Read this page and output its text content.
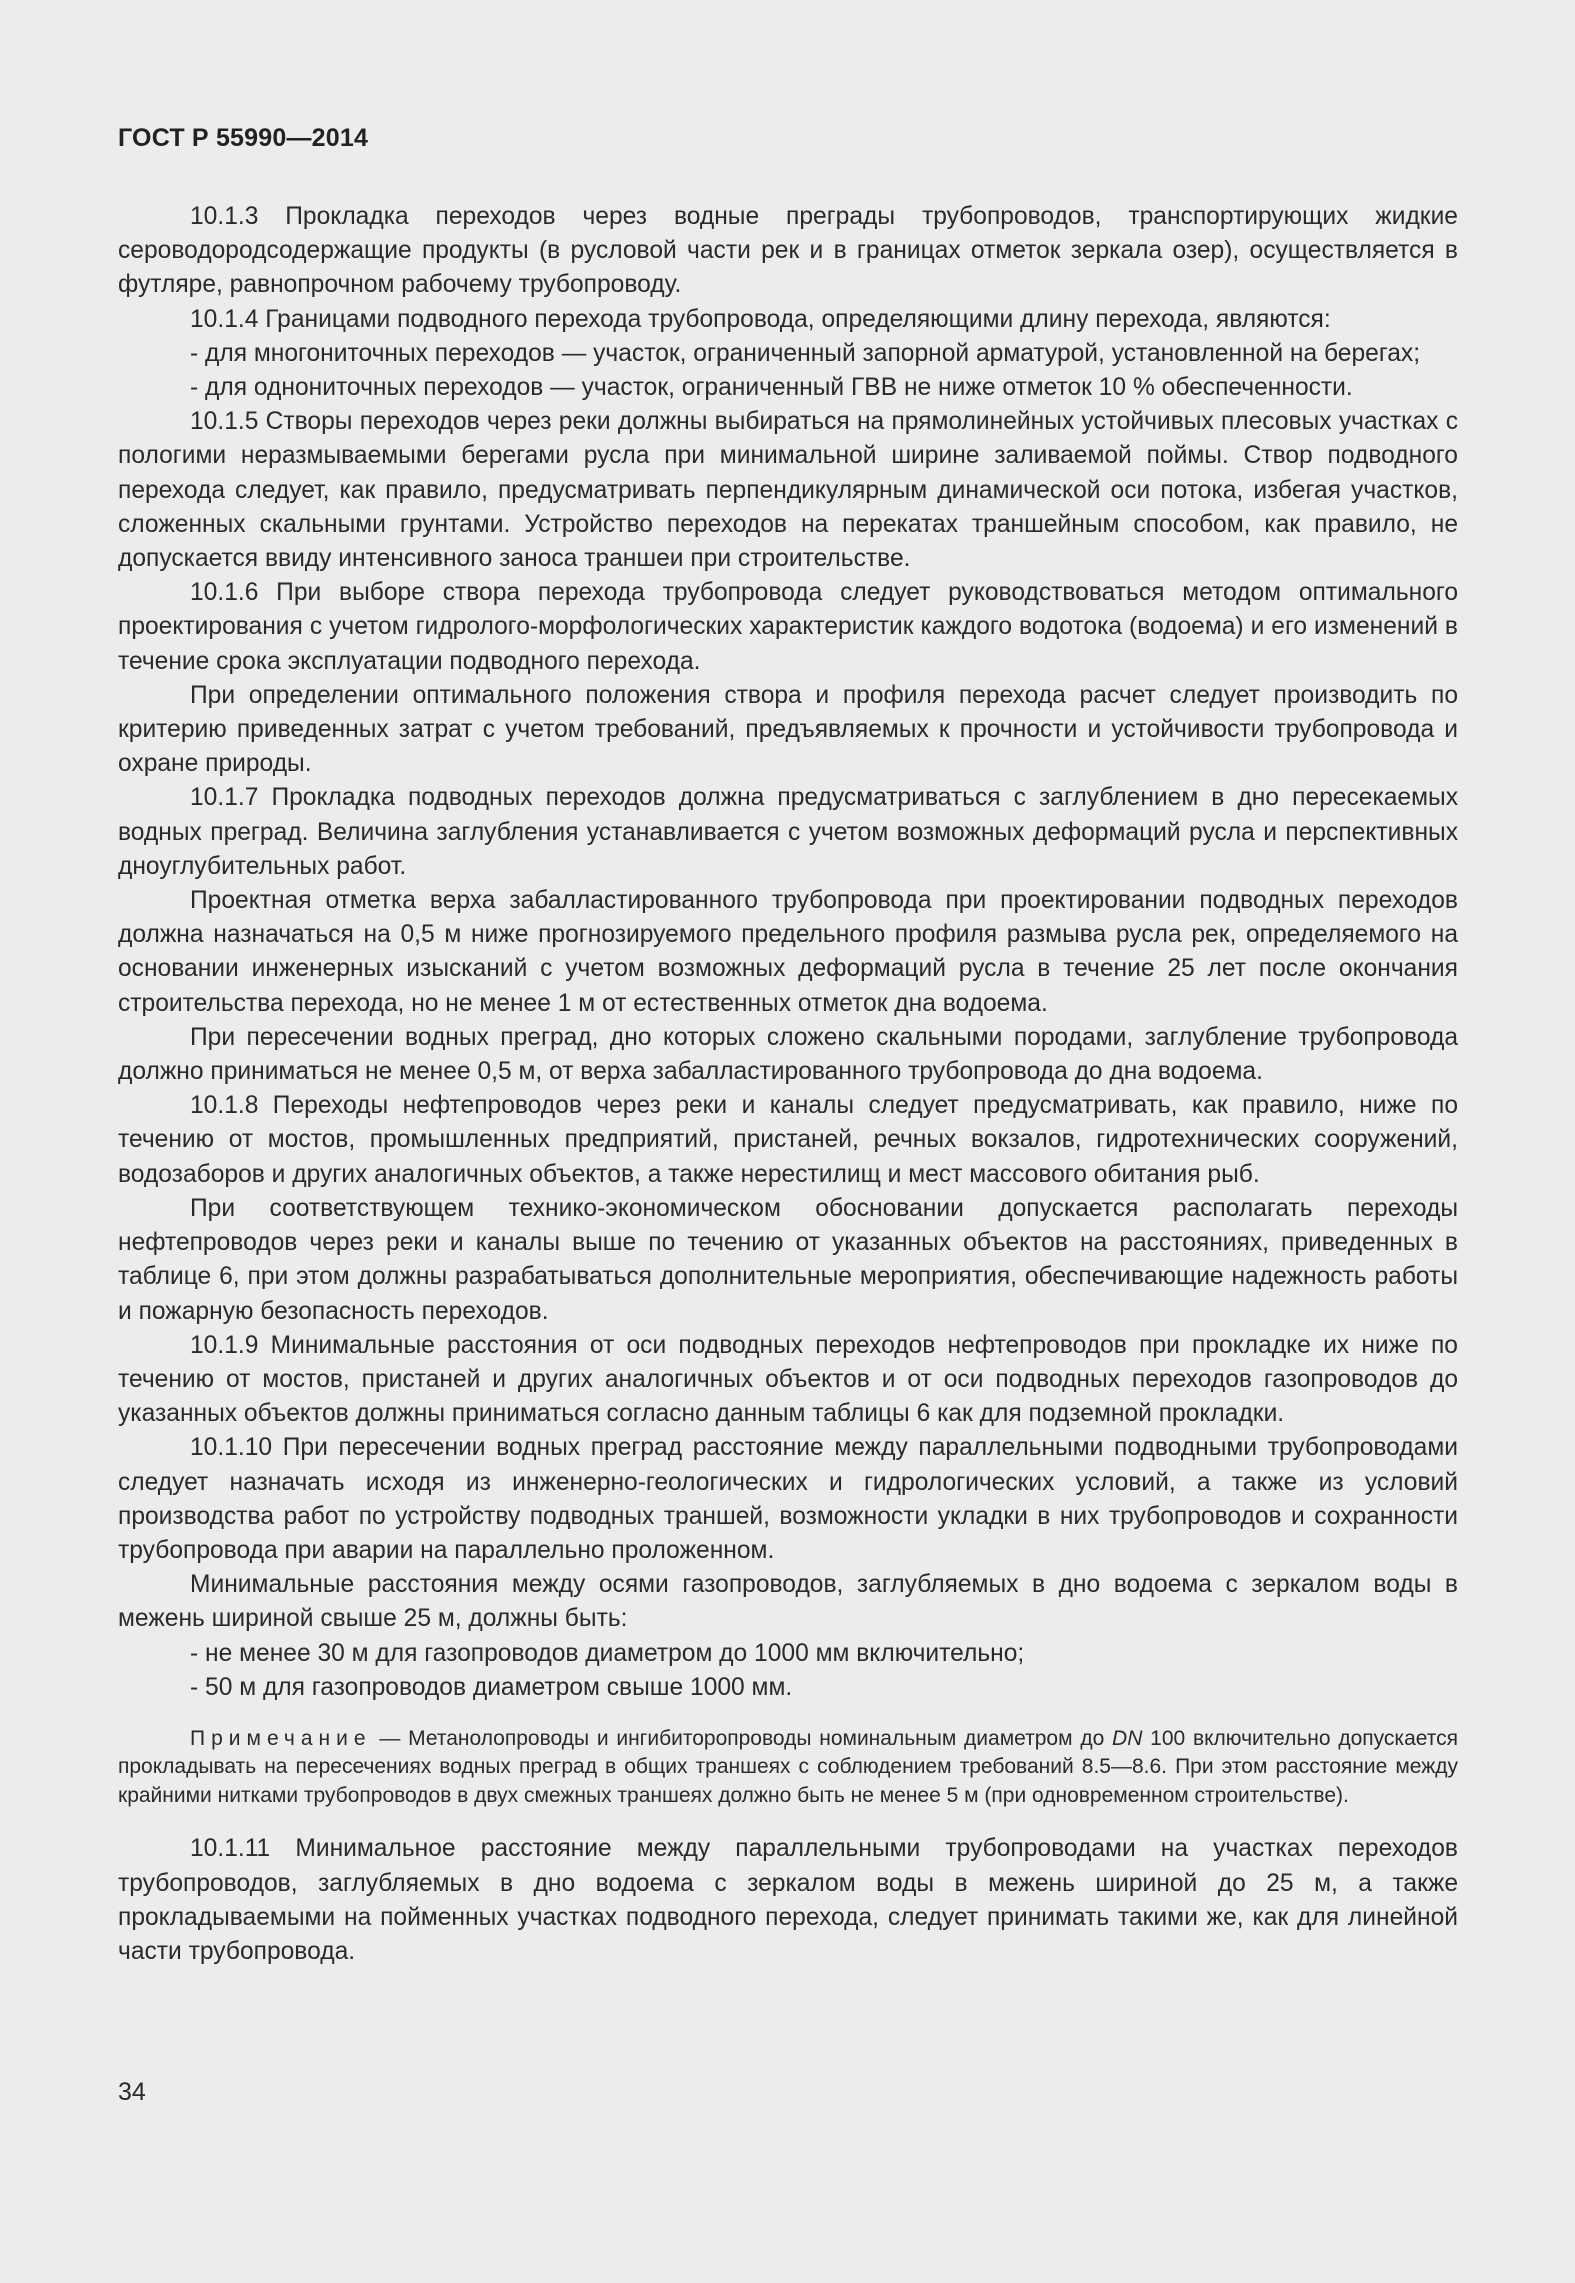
ГОСТ Р 55990—2014

10.1.3 Прокладка переходов через водные преграды трубопроводов, транспортирующих жидкие сероводородсодержащие продукты (в русловой части рек и в границах отметок зеркала озер), осуществляется в футляре, равнопрочном рабочему трубопроводу.

10.1.4 Границами подводного перехода трубопровода, определяющими длину перехода, являются:

- для многониточных переходов — участок, ограниченный запорной арматурой, установленной на берегах;

- для однониточных переходов — участок, ограниченный ГВВ не ниже отметок 10 % обеспеченности.

10.1.5 Створы переходов через реки должны выбираться на прямолинейных устойчивых плесовых участках с пологими неразмываемыми берегами русла при минимальной ширине заливаемой поймы. Створ подводного перехода следует, как правило, предусматривать перпендикулярным динамической оси потока, избегая участков, сложенных скальными грунтами. Устройство переходов на перекатах траншейным способом, как правило, не допускается ввиду интенсивного заноса траншеи при строительстве.

10.1.6 При выборе створа перехода трубопровода следует руководствоваться методом оптимального проектирования с учетом гидролого-морфологических характеристик каждого водотока (водоема) и его изменений в течение срока эксплуатации подводного перехода.

При определении оптимального положения створа и профиля перехода расчет следует производить по критерию приведенных затрат с учетом требований, предъявляемых к прочности и устойчивости трубопровода и охране природы.

10.1.7 Прокладка подводных переходов должна предусматриваться с заглублением в дно пересекаемых водных преград. Величина заглубления устанавливается с учетом возможных деформаций русла и перспективных дноуглубительных работ.

Проектная отметка верха забалластированного трубопровода при проектировании подводных переходов должна назначаться на 0,5 м ниже прогнозируемого предельного профиля размыва русла рек, определяемого на основании инженерных изысканий с учетом возможных деформаций русла в течение 25 лет после окончания строительства перехода, но не менее 1 м от естественных отметок дна водоема.

При пересечении водных преград, дно которых сложено скальными породами, заглубление трубопровода должно приниматься не менее 0,5 м, от верха забалластированного трубопровода до дна водоема.

10.1.8 Переходы нефтепроводов через реки и каналы следует предусматривать, как правило, ниже по течению от мостов, промышленных предприятий, пристаней, речных вокзалов, гидротехнических сооружений, водозаборов и других аналогичных объектов, а также нерестилищ и мест массового обитания рыб.

При соответствующем технико-экономическом обосновании допускается располагать переходы нефтепроводов через реки и каналы выше по течению от указанных объектов на расстояниях, приведенных в таблице 6, при этом должны разрабатываться дополнительные мероприятия, обеспечивающие надежность работы и пожарную безопасность переходов.

10.1.9 Минимальные расстояния от оси подводных переходов нефтепроводов при прокладке их ниже по течению от мостов, пристаней и других аналогичных объектов и от оси подводных переходов газопроводов до указанных объектов должны приниматься согласно данным таблицы 6 как для подземной прокладки.

10.1.10 При пересечении водных преград расстояние между параллельными подводными трубопроводами следует назначать исходя из инженерно-геологических и гидрологических условий, а также из условий производства работ по устройству подводных траншей, возможности укладки в них трубопроводов и сохранности трубопровода при аварии на параллельно проложенном.

Минимальные расстояния между осями газопроводов, заглубляемых в дно водоема с зеркалом воды в межень шириной свыше 25 м, должны быть:

- не менее 30 м для газопроводов диаметром до 1000 мм включительно;

- 50 м для газопроводов диаметром свыше 1000 мм.

Примечание — Метанолопроводы и ингибиторопроводы номинальным диаметром до DN 100 включительно допускается прокладывать на пересечениях водных преград в общих траншеях с соблюдением требований 8.5—8.6. При этом расстояние между крайними нитками трубопроводов в двух смежных траншеях должно быть не менее 5 м (при одновременном строительстве).

10.1.11 Минимальное расстояние между параллельными трубопроводами на участках переходов трубопроводов, заглубляемых в дно водоема с зеркалом воды в межень шириной до 25 м, а также прокладываемыми на пойменных участках подводного перехода, следует принимать такими же, как для линейной части трубопровода.

34
